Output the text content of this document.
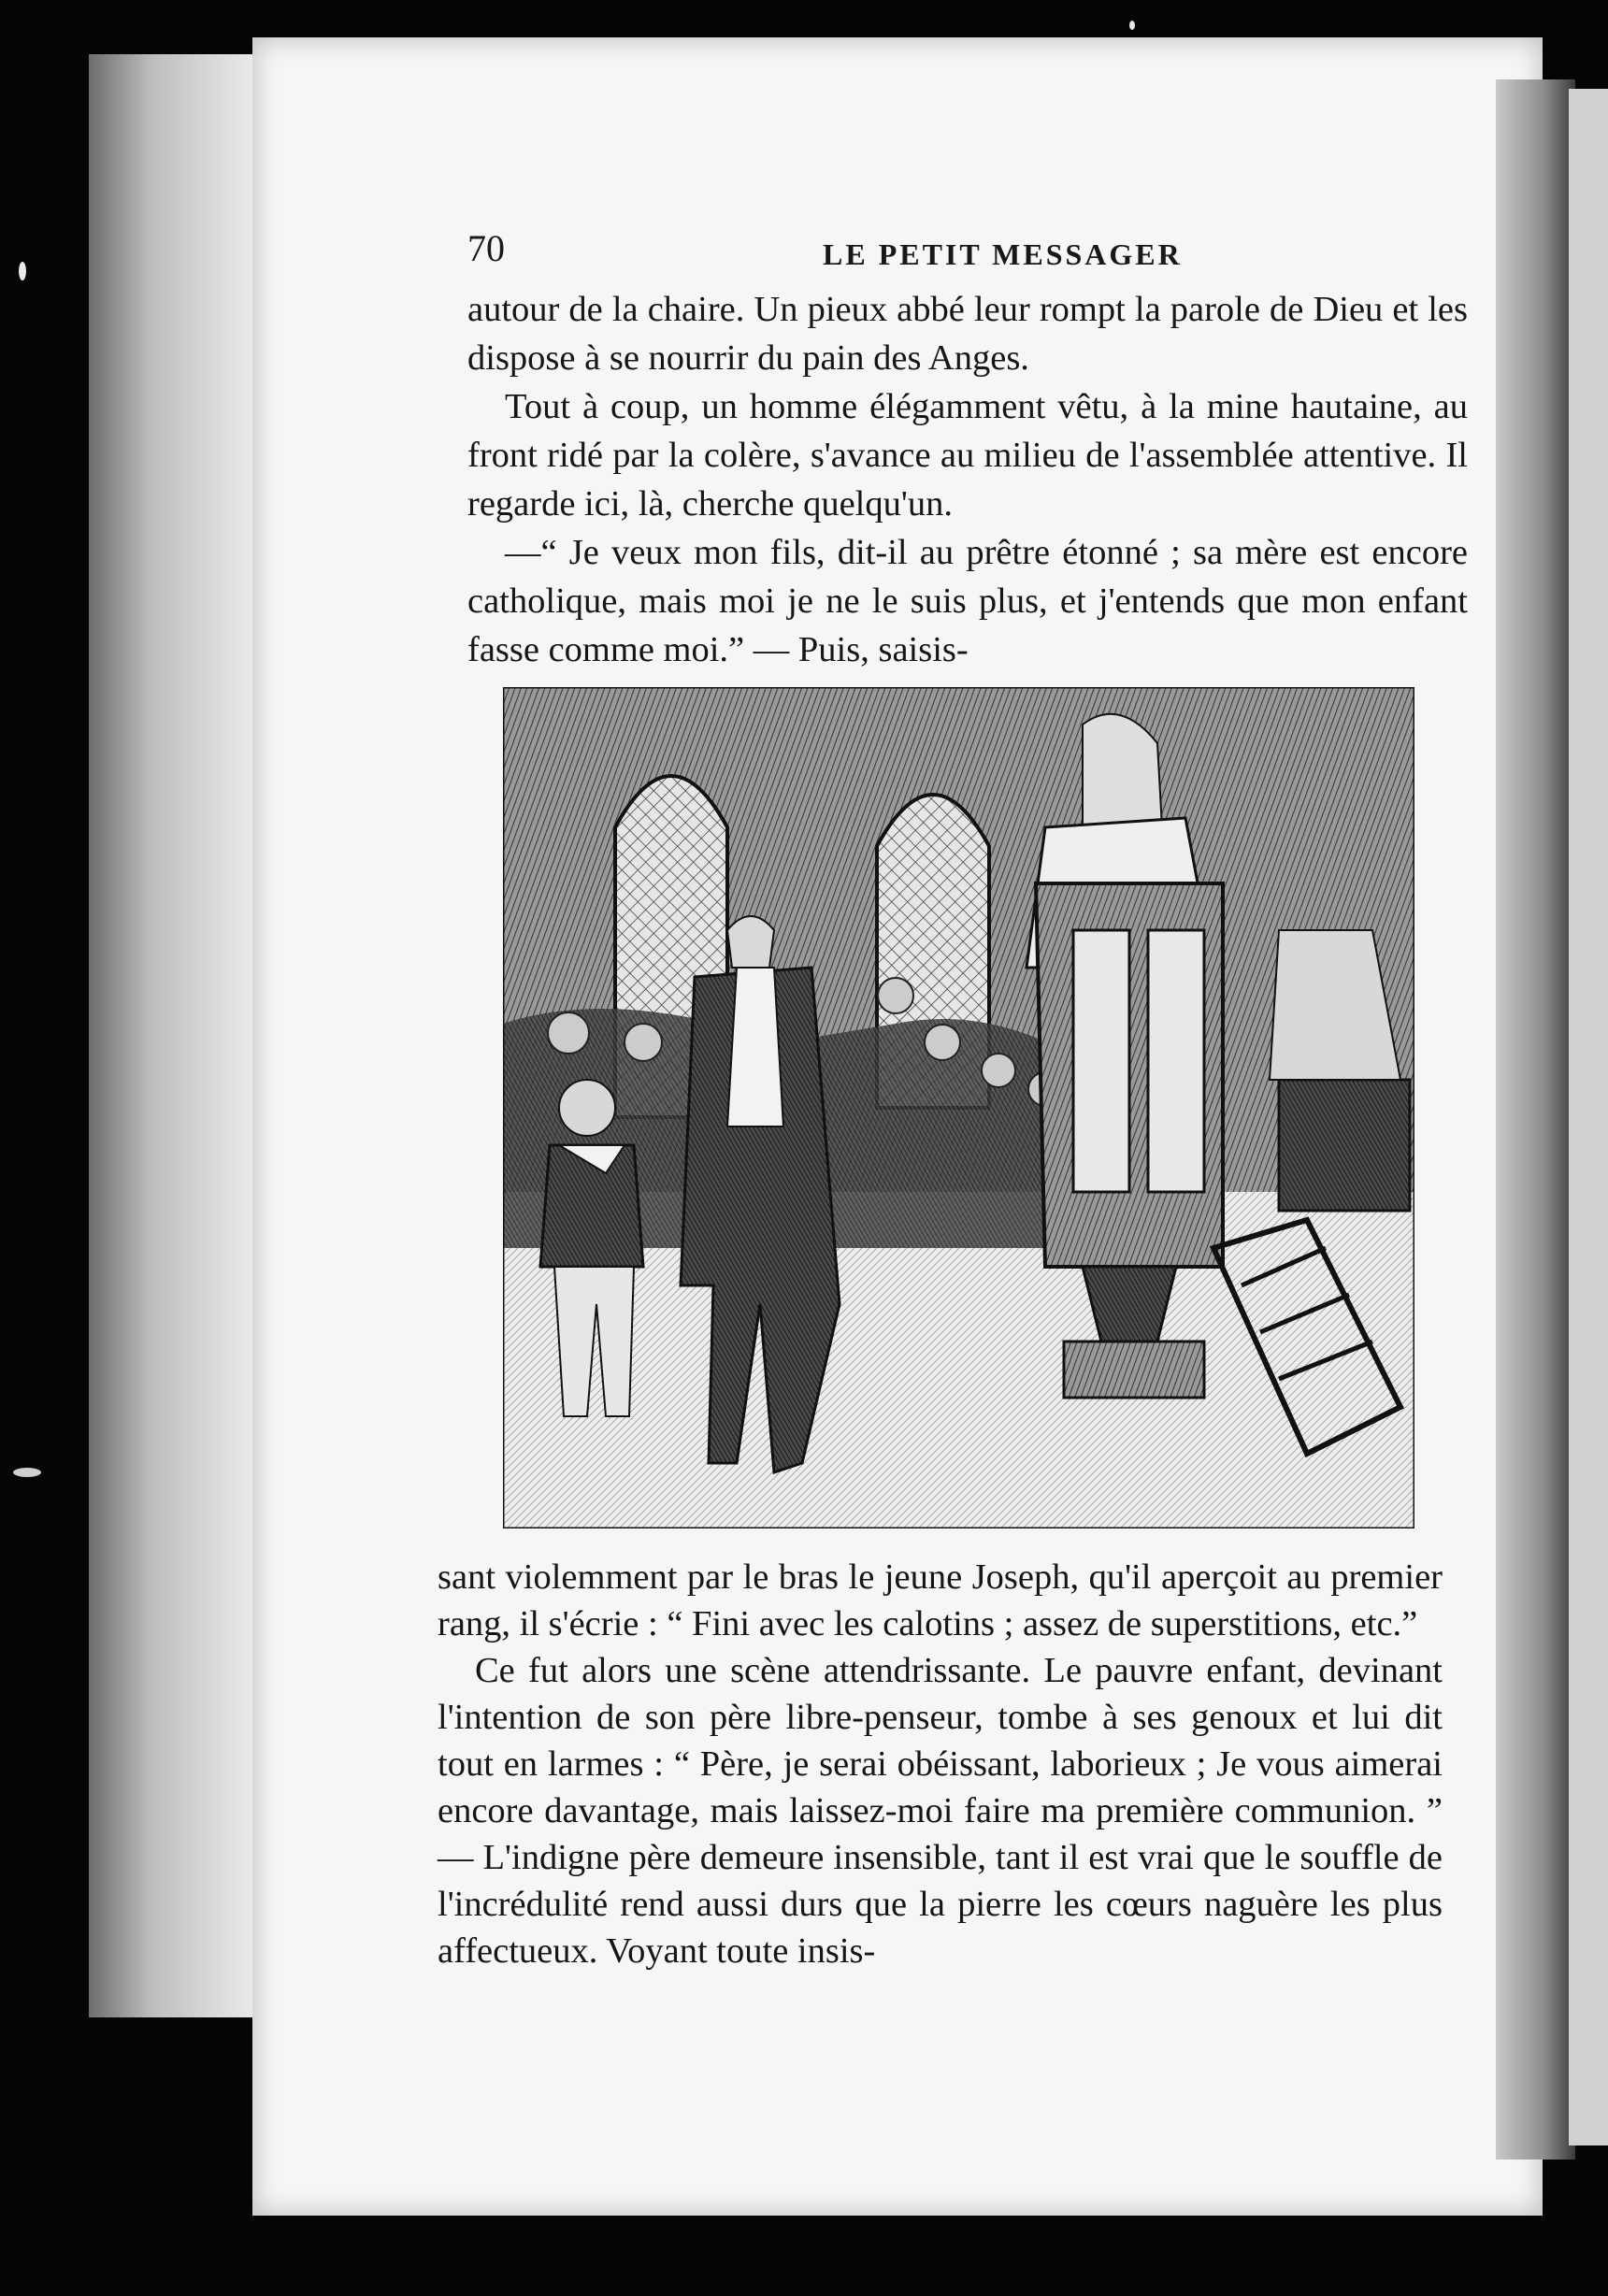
70	LE PETIT MESSAGER

autour de la chaire. Un pieux abbé leur rompt la parole de Dieu et les dispose à se nourrir du pain des Anges.

Tout à coup, un homme élégamment vêtu, à la mine hautaine, au front ridé par la colère, s'avance au milieu de l'assemblée attentive. Il regarde ici, là, cherche quelqu'un.

—“ Je veux mon fils, dit-il au prêtre étonné ; sa mère est encore catholique, mais moi je ne le suis plus, et j'entends que mon enfant fasse comme moi.” — Puis, saisis-

sant violemment par le bras le jeune Joseph, qu'il aperçoit au premier rang, il s'écrie : “ Fini avec les calotins ; assez de superstitions, etc.”

Ce fut alors une scène attendrissante. Le pauvre enfant, devinant l'intention de son père libre-penseur, tombe à ses genoux et lui dit tout en larmes : “ Père, je serai obéissant, laborieux ; Je vous aimerai encore davantage, mais laissez-moi faire ma première communion. ” — L'indigne père demeure insensible, tant il est vrai que le souffle de l'incrédulité rend aussi durs que la pierre les cœurs naguère les plus affectueux. Voyant toute insis-
